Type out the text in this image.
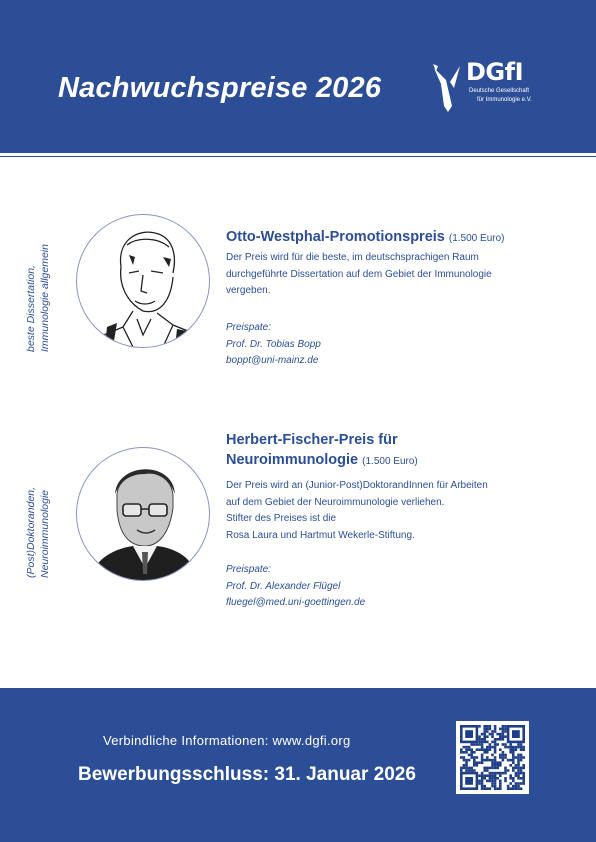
Nachwuchspreise 2026	DGfI
Deutsche Gesellschaft
für Immunologie e.V.
beste Dissertation, Immunologie allgemein
Otto-Westphal-Promotionspreis (1.500 Euro)
Der Preis wird für die beste, im deutschsprachigen Raum
durchgeführte Dissertation auf dem Gebiet der Immunologie
vergeben.
Preispate:
Prof. Dr. Tobias Bopp
boppt@uni-mainz.de
(Post)Doktoranden, Neuroimmunologie
Herbert-Fischer-Preis für
Neuroimmunologie (1.500 Euro)
Der Preis wird an (Junior-Post)DoktorandInnen für Arbeiten
auf dem Gebiet der Neuroimmunologie verliehen.
Stifter des Preises ist die
Rosa Laura und Hartmut Wekerle-Stiftung.
Preispate:
Prof. Dr. Alexander Flügel
fluegel@med.uni-goettingen.de
Verbindliche Informationen: www.dgfi.org
Bewerbungsschluss: 31. Januar 2026
